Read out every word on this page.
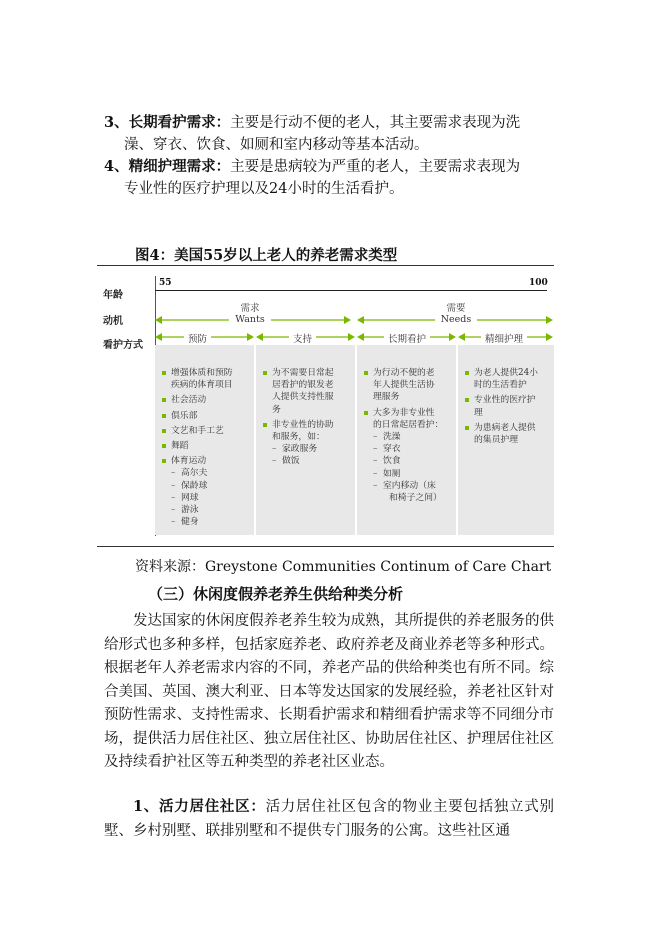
3、长期看护需求：主要是行动不便的老人，其主要需求表现为洗
澡、穿衣、饮食、如厕和室内移动等基本活动。
4、精细护理需求：主要是患病较为严重的老人，主要需求表现为
专业性的医疗护理以及24小时的生活看护。
图4：美国55岁以上老人的养老需求类型
年龄
动机
看护方式
55	100
需求
Wants
需要
Needs
预防	支持	长期看护	精细护理
增强体质和预防
疾病的体育项目
社会活动
俱乐部
文艺和手工艺
舞蹈
体育运动
– 高尔夫
– 保龄球
– 网球
– 游泳
– 健身
为不需要日常起
居看护的银发老
人提供支持性服
务
非专业性的协助
和服务，如：
– 家政服务
– 做饭
为行动不便的老
年人提供生活协
理服务
大多为非专业性
的日常起居看护：
– 洗澡
– 穿衣
– 饮食
– 如厕
– 室内移动（床
和椅子之间）
为老人提供24小
时的生活看护
专业性的医疗护
理
为患病老人提供
的集员护理
资料来源：Greystone Communities Continum of Care Chart
（三）休闲度假养老养生供给种类分析
发达国家的休闲度假养老养生较为成熟，其所提供的养老服务的供给形式也多种多样，包括家庭养老、政府养老及商业养老等多种形式。根据老年人养老需求内容的不同，养老产品的供给种类也有所不同。综合美国、英国、澳大利亚、日本等发达国家的发展经验，养老社区针对预防性需求、支持性需求、长期看护需求和精细看护需求等不同细分市场，提供活力居住社区、独立居住社区、协助居住社区、护理居住社区及持续看护社区等五种类型的养老社区业态。
1、活力居住社区：活力居住社区包含的物业主要包括独立式别墅、乡村别墅、联排别墅和不提供专门服务的公寓。这些社区通
